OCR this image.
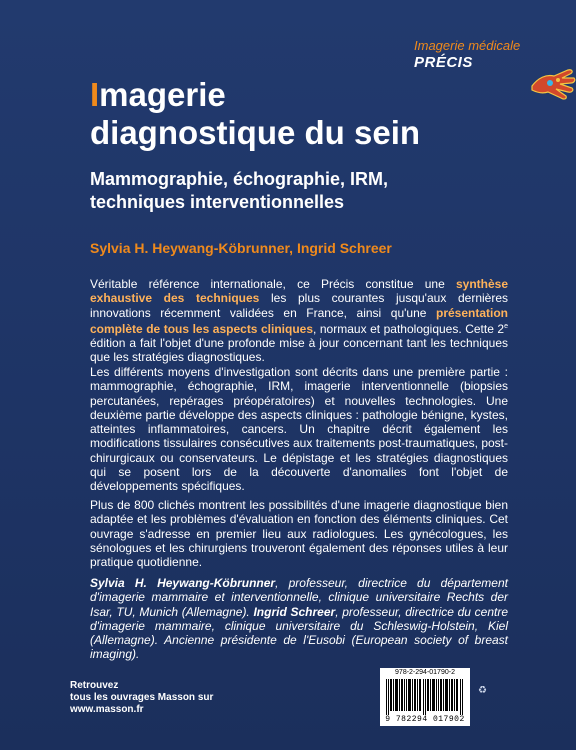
Imagerie médicale
PRÉCIS
Imagerie
diagnostique du sein
Mammographie, échographie, IRM,
techniques interventionnelles
Sylvia H. Heywang-Köbrunner, Ingrid Schreer

Véritable référence internationale, ce Précis constitue une synthèse exhaustive des techniques les plus courantes jusqu'aux dernières innovations récemment validées en France, ainsi qu'une présentation complète de tous les aspects cliniques, normaux et pathologiques. Cette 2e édition a fait l'objet d'une profonde mise à jour concernant tant les techniques que les stratégies diagnostiques.

Les différents moyens d'investigation sont décrits dans une première partie : mammographie, échographie, IRM, imagerie interventionnelle (biopsies percutanées, repérages préopératoires) et nouvelles technologies. Une deuxième partie développe des aspects cliniques : pathologie bénigne, kystes, atteintes inflammatoires, cancers. Un chapitre décrit également les modifications tissulaires consécutives aux traitements post-traumatiques, post-chirurgicaux ou conservateurs. Le dépistage et les stratégies diagnostiques qui se posent lors de la découverte d'anomalies font l'objet de développements spécifiques.

Plus de 800 clichés montrent les possibilités d'une imagerie diagnostique bien adaptée et les problèmes d'évaluation en fonction des éléments cliniques. Cet ouvrage s'adresse en premier lieu aux radiologues. Les gynécologues, les sénologues et les chirurgiens trouveront également des réponses utiles à leur pratique quotidienne.

Sylvia H. Heywang-Köbrunner, professeur, directrice du département d'imagerie mammaire et interventionnelle, clinique universitaire Rechts der Isar, TU, Munich (Allemagne). Ingrid Schreer, professeur, directrice du centre d'imagerie mammaire, clinique universitaire du Schleswig-Holstein, Kiel (Allemagne). Ancienne présidente de l'Eusobi (European society of breast imaging).

Retrouvez
tous les ouvrages Masson sur
www.masson.fr
978-2-294-01790-2
9 782294 017902
♻
